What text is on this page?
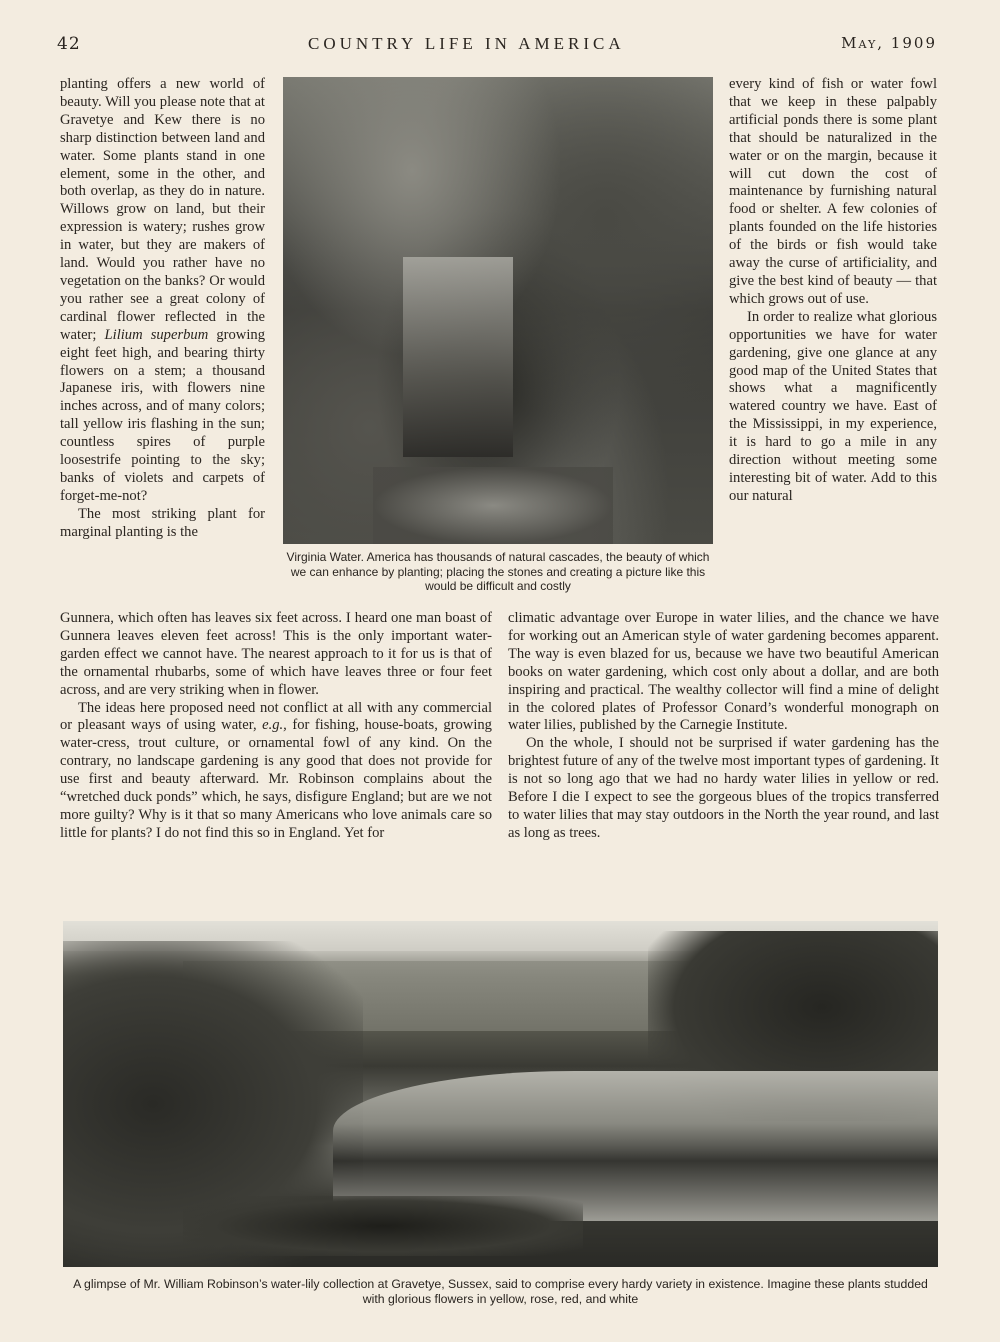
42	COUNTRY LIFE IN AMERICA	May, 1909

planting offers a new world of beauty. Will you please note that at Gravetye and Kew there is no sharp distinction between land and water. Some plants stand in one element, some in the other, and both overlap, as they do in nature. Willows grow on land, but their expression is watery; rushes grow in water, but they are makers of land. Would you rather have no vegetation on the banks? Or would you rather see a great colony of cardinal flower reflected in the water; Lilium superbum growing eight feet high, and bearing thirty flowers on a stem; a thousand Japanese iris, with flowers nine inches across, and of many colors; tall yellow iris flashing in the sun; countless spires of purple loosestrife pointing to the sky; banks of violets and carpets of forget-me-not?

The most striking plant for marginal planting is the

Virginia Water. America has thousands of natural cascades, the beauty of which we can enhance by planting; placing the stones and creating a picture like this would be difficult and costly

every kind of fish or water fowl that we keep in these palpably artificial ponds there is some plant that should be naturalized in the water or on the margin, because it will cut down the cost of maintenance by furnishing natural food or shelter. A few colonies of plants founded on the life histories of the birds or fish would take away the curse of artificiality, and give the best kind of beauty — that which grows out of use.

In order to realize what glorious opportunities we have for water gardening, give one glance at any good map of the United States that shows what a magnificently watered country we have. East of the Mississippi, in my experience, it is hard to go a mile in any direction without meeting some interesting bit of water. Add to this our natural

Gunnera, which often has leaves six feet across. I heard one man boast of Gunnera leaves eleven feet across! This is the only important water-garden effect we cannot have. The nearest approach to it for us is that of the ornamental rhubarbs, some of which have leaves three or four feet across, and are very striking when in flower.

The ideas here proposed need not conflict at all with any commercial or pleasant ways of using water, e.g., for fishing, house-boats, growing water-cress, trout culture, or ornamental fowl of any kind. On the contrary, no landscape gardening is any good that does not provide for use first and beauty afterward. Mr. Robinson complains about the “wretched duck ponds” which, he says, disfigure England; but are we not more guilty? Why is it that so many Americans who love animals care so little for plants? I do not find this so in England. Yet for

climatic advantage over Europe in water lilies, and the chance we have for working out an American style of water gardening becomes apparent. The way is even blazed for us, because we have two beautiful American books on water gardening, which cost only about a dollar, and are both inspiring and practical. The wealthy collector will find a mine of delight in the colored plates of Professor Conard’s wonderful monograph on water lilies, published by the Carnegie Institute.

On the whole, I should not be surprised if water gardening has the brightest future of any of the twelve most important types of gardening. It is not so long ago that we had no hardy water lilies in yellow or red. Before I die I expect to see the gorgeous blues of the tropics transferred to water lilies that may stay outdoors in the North the year round, and last as long as trees.

A glimpse of Mr. William Robinson’s water-lily collection at Gravetye, Sussex, said to comprise every hardy variety in existence. Imagine these plants studded with glorious flowers in yellow, rose, red, and white
